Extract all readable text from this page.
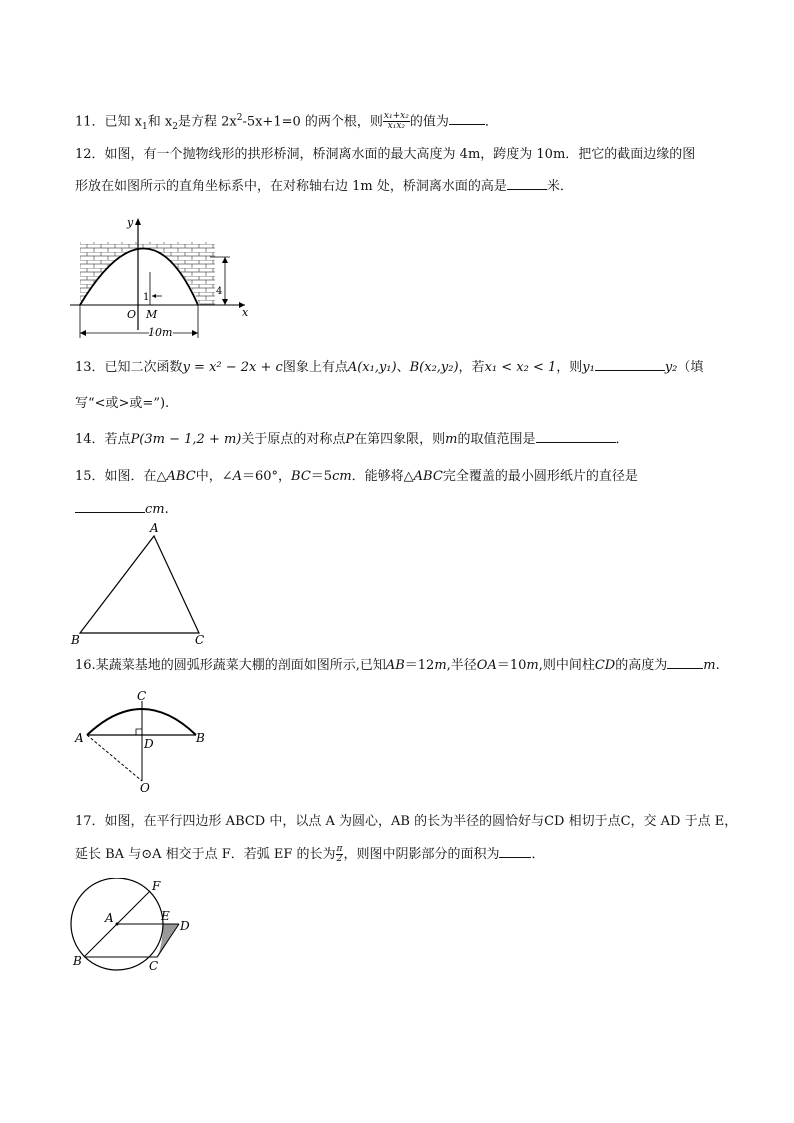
11．已知 $x_1$和 $x_2$是方程 $2x^2-5x+1=0$ 的两个根，则 $\frac{\text{x₁+x₂}}{\text{x₁x₂}}$ 的值为	．
12．如图，有一个抛物线形的拱形桥洞，桥洞离水面的最大高度为 4m，跨度为 10m．把它的截面边缘的图
形放在如图所示的直角坐标系中，在对称轴右边 1m 处，桥洞离水面的高是	米．
y
x
O M
1
4
10m
13．已知二次函数y = x² − 2x + c图象上有点A(x₁,y₁)、B(x₂,y₂)，若x₁ < x₂ < 1，则y₁	y₂（填
写“<或>或=”).
14．若点P(3m − 1,2 + m)关于原点的对称点P在第四象限，则m的取值范围是	．
15．如图．在△ABC中，∠A＝60°，BC＝5cm．能够将△ABC完全覆盖的最小圆形纸片的直径是
cm.
A
B	C
16.某蔬菜基地的圆弧形蔬菜大棚的剖面如图所示,已知AB＝12m,半径OA＝10m,则中间柱CD的高度为	m.
C
A	B
D
O
17．如图，在平行四边形 ABCD 中，以点 A 为圆心，AB 的长为半径的圆恰好与CD 相切于点C，交 AD 于点 E，
延长 BA 与⊙A 相交于点 F．若弧 EF 的长为 $\frac{\pi}{2}$ ，则图中阴影部分的面积为 ．
F
A	E
D
B	C
